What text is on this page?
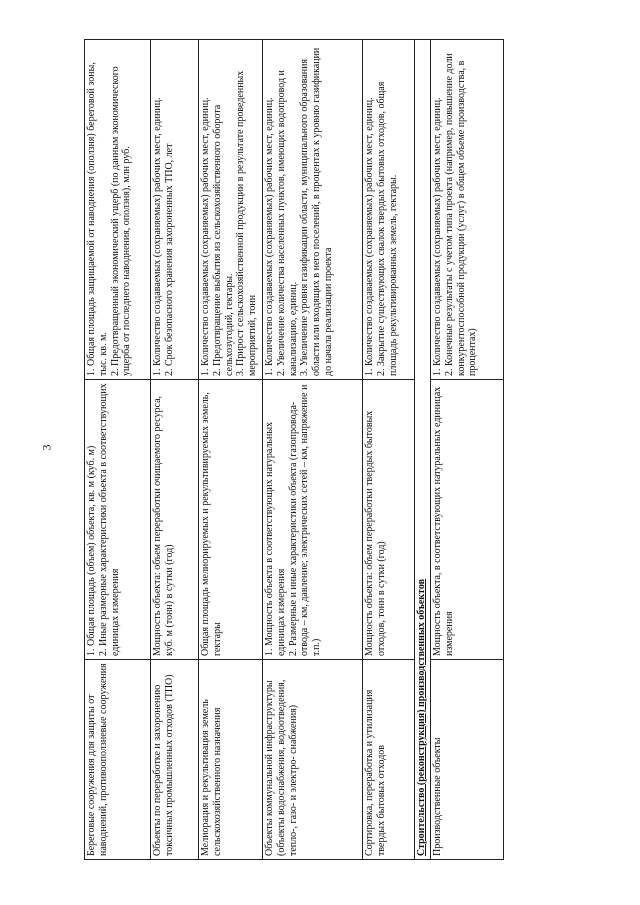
3
Береговые сооружения для защиты от наводнений, противооползневые сооружения	1. Общая площадь (объем) объекта, кв. м (куб. м) 2. Иные размерные характеристики объекта в соответствующих единицах измерения	1. Общая площадь защищаемой от наводнения (оползня) береговой зоны, тыс. кв. м. 2. Предотвращенный экономический ущерб (по данным экономического ущерба от последнего наводнения, оползня), млн руб.

Объекты по переработке и захоронению токсичных промышленных отходов (ТПО)	Мощность объекта: объем переработки очищаемого ресурса, куб. м (тонн) в сутки (год)	1. Количество создаваемых (сохраняемых) рабочих мест, единиц. 2. Срок безопасного хранения захороненных ТПО, лет

Мелиорация и рекультивация земель сельскохозяйственного назначения	Общая площадь мелиорируемых и рекультивируемых земель, гектары	1. Количество создаваемых (сохраняемых) рабочих мест, единиц. 2. Предотвращение выбытия из сельскохозяйственного оборота сельхозугодий, гектары. 3. Прирост сельскохозяйственной продукции в результате проведенных мероприятий, тонн

Объекты коммунальной инфраструктуры (объекты водоснабжения, водоотведения, тепло-, газо- и электро- снабжения)	1. Мощность объекта в соответствующих натуральных единицах измерения 2. Размерные и иные характеристики объекта (газопровода-отвода – км, давление; электрических сетей – км, напряжение и т.п.)	1. Количество создаваемых (сохраняемых) рабочих мест, единиц. 2. Увеличение количества населенных пунктов, имеющих водопровод и канализацию, единиц. 3. Увеличение уровня газификации области, муниципального образования области или входящих в него поселений, в процентах к уровню газификации до начала реализации проекта

Сортировка, переработка и утилизация твердых бытовых отходов	Мощность объекта: объем переработки твердых бытовых отходов, тонн в сутки (год)	1. Количество создаваемых (сохраняемых) рабочих мест, единиц. 2. Закрытие существующих свалок твердых бытовых отходов, общая площадь рекультивированных земель, гектары.

Строительство (реконструкция) производственных объектов		
Производственные объекты	Мощность объекта, в соответствующих натуральных единицах измерения	1. Количество создаваемых (сохраняемых) рабочих мест, единиц. 2. Конечные результаты с учетом типа проекта (например, повышение доли конкурентоспособной продукции (услуг) в общем объеме производства, в процентах)
